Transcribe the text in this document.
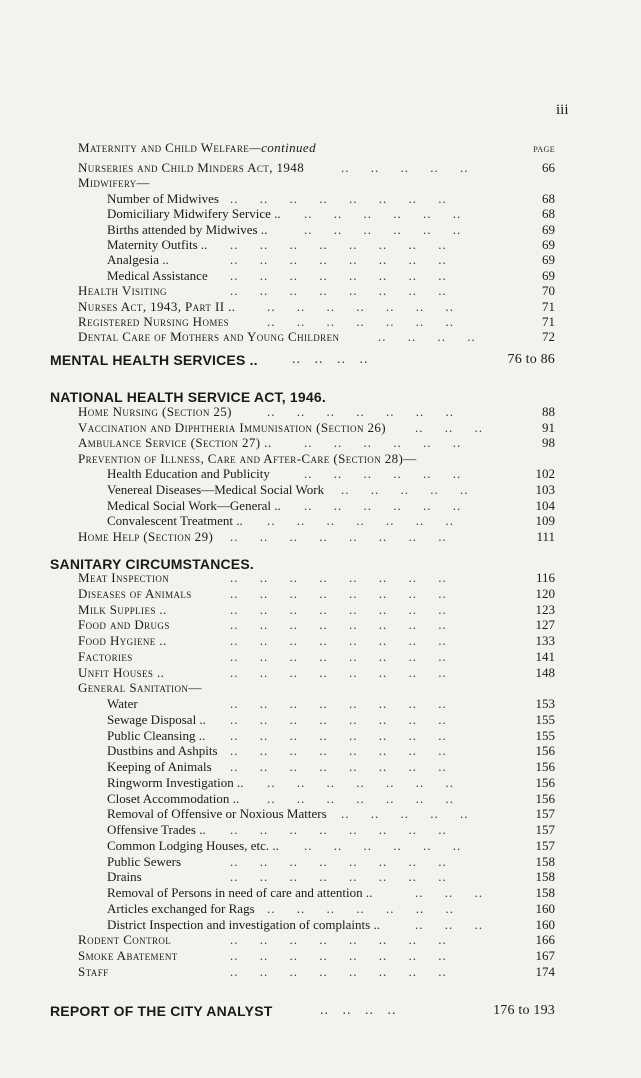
iii
Maternity and Child Welfare—continued	page
Nurseries and Child Minders Act, 1948	..     ..     ..     ..     ..	66
Midwifery—
Number of Midwives ..     ..     ..     ..     ..     ..     ..     ..	68
Domiciliary Midwifery Service .. ..     ..     ..     ..     ..     ..	68
Births attended by Midwives ..	..     ..     ..     ..     ..     ..	69
Maternity Outfits .. ..     ..     ..     ..     ..     ..     ..     ..	69
Analgesia ..	..     ..     ..     ..     ..     ..     ..     ..	69
Medical Assistance ..     ..     ..     ..     ..     ..     ..     ..	69
Health Visiting	..     ..     ..     ..     ..     ..     ..     ..	70
Nurses Act, 1943, Part II .. ..     ..     ..     ..     ..     ..     ..	71
Registered Nursing Homes	..     ..     ..     ..     ..     ..     ..	71
Dental Care of Mothers and Young Children	..     ..     ..     ..	72
MENTAL HEALTH SERVICES .. ..   ..   ..   ..	76 to 86
NATIONAL HEALTH SERVICE ACT, 1946.
Home Nursing (Section 25)	..     ..     ..     ..     ..     ..     ..	88
Vaccination and Diphtheria Immunisation (Section 26) ..     ..     ..	91
Ambulance Service (Section 27) ..	..     ..     ..     ..     ..     ..	98
Prevention of Illness, Care and After-Care (Section 28)—
Health Education and Publicity	..     ..     ..     ..     ..     ..	102
Venereal Diseases—Medical Social Work ..     ..     ..     ..     ..	103
Medical Social Work—General .. ..     ..     ..     ..     ..     ..	104
Convalescent Treatment .. ..     ..     ..     ..     ..     ..     ..	109
Home Help (Section 29) ..     ..     ..     ..     ..     ..     ..     ..	111
SANITARY CIRCUMSTANCES.
Meat Inspection	..     ..     ..     ..     ..     ..     ..     ..	116
Diseases of Animals	..     ..     ..     ..     ..     ..     ..     ..	120
Milk Supplies ..	..     ..     ..     ..     ..     ..     ..     ..	123
Food and Drugs	..     ..     ..     ..     ..     ..     ..     ..	127
Food Hygiene ..	..     ..     ..     ..     ..     ..     ..     ..	133
Factories	..     ..     ..     ..     ..     ..     ..     ..	141
Unfit Houses ..	..     ..     ..     ..     ..     ..     ..     ..	148
General Sanitation—
Water	..     ..     ..     ..     ..     ..     ..     ..	153
Sewage Disposal .. ..     ..     ..     ..     ..     ..     ..     ..	155
Public Cleansing .. ..     ..     ..     ..     ..     ..     ..     ..	155
Dustbins and Ashpits ..     ..     ..     ..     ..     ..     ..     ..	156
Keeping of Animals ..     ..     ..     ..     ..     ..     ..     ..	156
Ringworm Investigation .. ..     ..     ..     ..     ..     ..     ..	156
Closet Accommodation .. ..     ..     ..     ..     ..     ..     ..	156
Removal of Offensive or Noxious Matters ..     ..     ..     ..     ..	157
Offensive Trades .. ..     ..     ..     ..     ..     ..     ..     ..	157
Common Lodging Houses, etc. .. ..     ..     ..     ..     ..     ..	157
Public Sewers	..     ..     ..     ..     ..     ..     ..     ..	158
Drains	..     ..     ..     ..     ..     ..     ..     ..	158
Removal of Persons in need of care and attention ..	..     ..     ..	158
Articles exchanged for Rags ..     ..     ..     ..     ..     ..     ..	160
District Inspection and investigation of complaints ..	..     ..     ..	160
Rodent Control	..     ..     ..     ..     ..     ..     ..     ..	166
Smoke Abatement	..     ..     ..     ..     ..     ..     ..     ..	167
Staff	..     ..     ..     ..     ..     ..     ..     ..	174
REPORT OF THE CITY ANALYST	..   ..   ..   ..	176 to 193
